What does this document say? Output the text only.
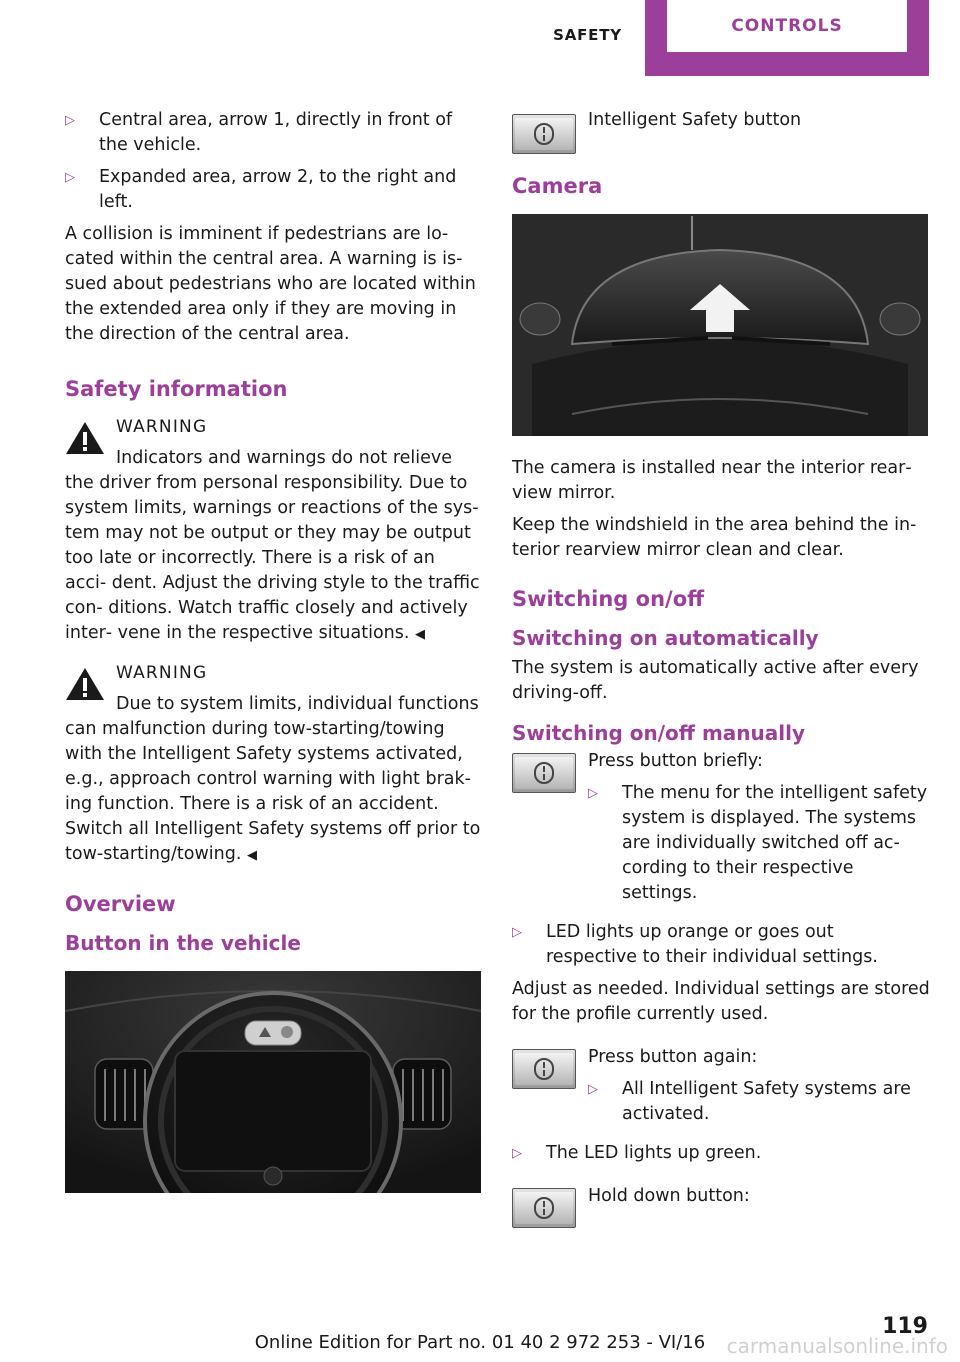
SAFETY	CONTROLS
▷	Central area, arrow 1, directly in front of the vehicle.
▷	Expanded area, arrow 2, to the right and left.

A collision is imminent if pedestrians are lo‐ cated within the central area. A warning is is‐ sued about pedestrians who are located within the extended area only if they are moving in the direction of the central area.

Safety information
WARNING

Indicators and warnings do not relieve the driver from personal responsibility. Due to system limits, warnings or reactions of the sys‐ tem may not be output or they may be output too late or incorrectly. There is a risk of an acci‐ dent. Adjust the driving style to the traffic con‐ ditions. Watch traffic closely and actively inter‐ vene in the respective situations. ◀

WARNING

Due to system limits, individual functions can malfunction during tow-starting/towing with the Intelligent Safety systems activated, e.g., approach control warning with light brak‐ ing function. There is a risk of an accident. Switch all Intelligent Safety systems off prior to tow-starting/towing. ◀

Overview
Button in the vehicle
Intelligent Safety button
Camera

The camera is installed near the interior rear‐ view mirror.

Keep the windshield in the area behind the in‐ terior rearview mirror clean and clear.

Switching on/off
Switching on automatically

The system is automatically active after every driving-off.

Switching on/off manually

Press button briefly:

▷	The menu for the intelligent safety system is displayed. The systems are individually switched off ac‐ cording to their respective settings.
▷	LED lights up orange or goes out respective to their individual settings.

Adjust as needed. Individual settings are stored for the profile currently used.

Press button again:

▷	All Intelligent Safety systems are activated.
▷	The LED lights up green.

Hold down button:

119
Online Edition for Part no. 01 40 2 972 253 - VI/16	carmanualsonline.info
